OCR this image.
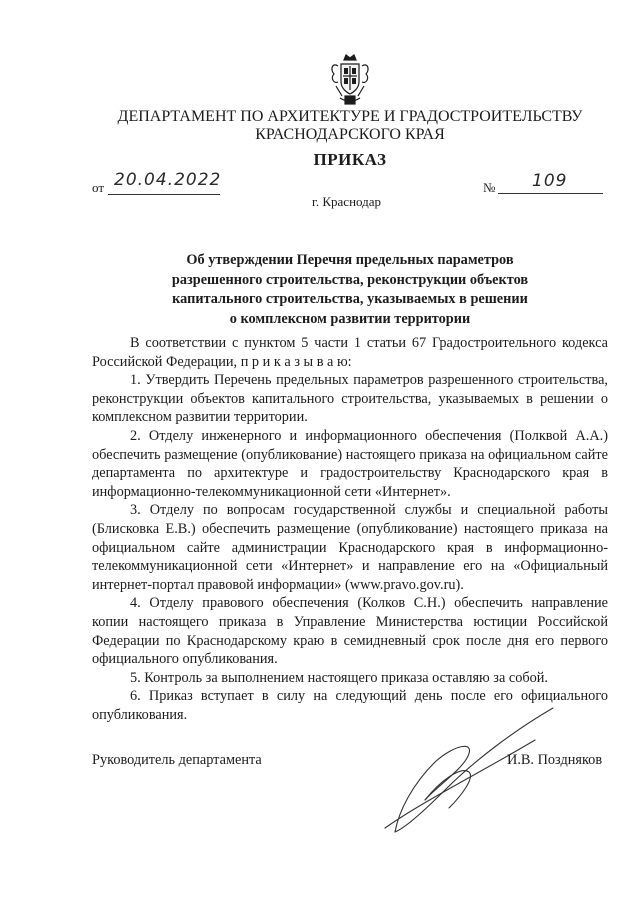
ДЕПАРТАМЕНТ ПО АРХИТЕКТУРЕ И ГРАДОСТРОИТЕЛЬСТВУ
КРАСНОДАРСКОГО КРАЯ
ПРИКАЗ
от 20.04.2022	№ 109
г. Краснодар
Об утверждении Перечня предельных параметров
разрешенного строительства, реконструкции объектов
капитального строительства, указываемых в решении
о комплексном развитии территории

В соответствии с пунктом 5 части 1 статьи 67 Градостроительного кодекса Российской Федерации, п р и к а з ы в а ю:

1. Утвердить Перечень предельных параметров разрешенного строительства, реконструкции объектов капитального строительства, указываемых в решении о комплексном развитии территории.

2. Отделу инженерного и информационного обеспечения (Полквой А.А.) обеспечить размещение (опубликование) настоящего приказа на официальном сайте департамента по архитектуре и градостроительству Краснодарского края в информационно-телекоммуникационной сети «Интернет».

3. Отделу по вопросам государственной службы и специальной работы (Блисковка Е.В.) обеспечить размещение (опубликование) настоящего приказа на официальном сайте администрации Краснодарского края в информационно-телекоммуникационной сети «Интернет» и направление его на «Официальный интернет-портал правовой информации» (www.pravo.gov.ru).

4. Отделу правового обеспечения (Колков С.Н.) обеспечить направление копии настоящего приказа в Управление Министерства юстиции Российской Федерации по Краснодарскому краю в семидневный срок после дня его первого официального опубликования.

5. Контроль за выполнением настоящего приказа оставляю за собой.

6. Приказ вступает в силу на следующий день после его официального опубликования.

Руководитель департамента	И.В. Поздняков
